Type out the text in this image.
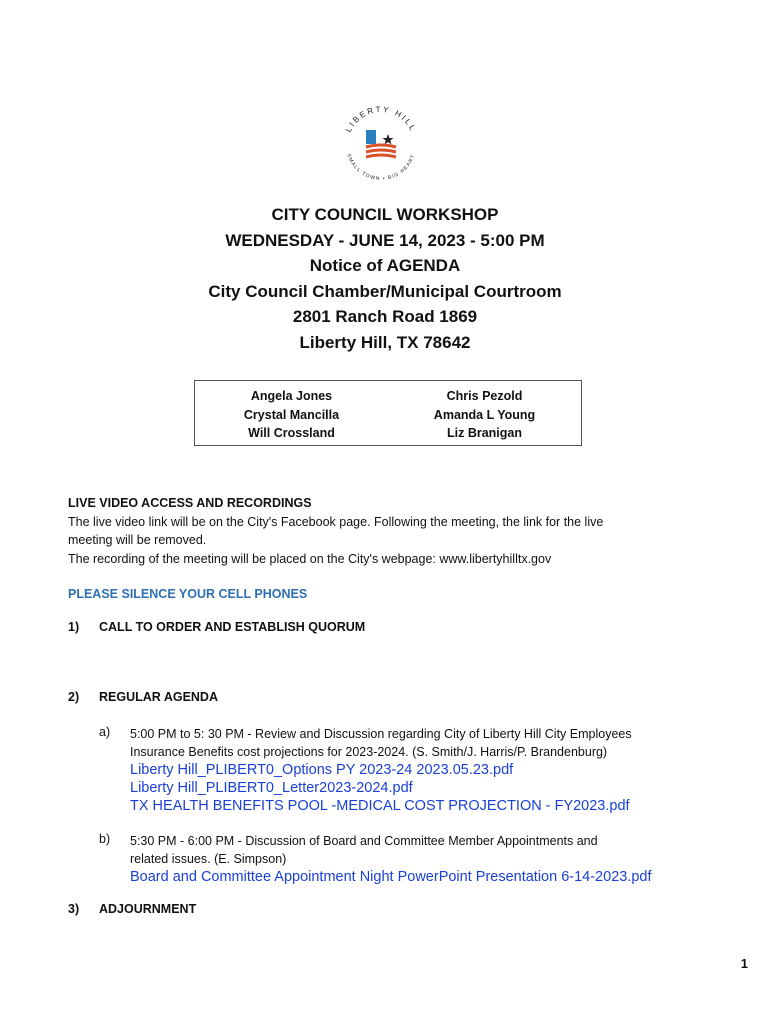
LIBERTY HILL
SMALL TOWN • BIG HEART
CITY COUNCIL WORKSHOP
WEDNESDAY - JUNE 14, 2023 - 5:00 PM
Notice of AGENDA
City Council Chamber/Municipal Courtroom
2801 Ranch Road 1869
Liberty Hill, TX 78642
Angela Jones
Crystal Mancilla
Will Crossland
Chris Pezold
Amanda L Young
Liz Branigan
LIVE VIDEO ACCESS AND RECORDINGS
The live video link will be on the City's Facebook page. Following the meeting, the link for the live
meeting will be removed.
The recording of the meeting will be placed on the City's webpage: www.libertyhilltx.gov
PLEASE SILENCE YOUR CELL PHONES
1) CALL TO ORDER AND ESTABLISH QUORUM
2) REGULAR AGENDA
a) 5:00 PM to 5: 30 PM - Review and Discussion regarding City of Liberty Hill City Employees
Insurance Benefits cost projections for 2023-2024. (S. Smith/J. Harris/P. Brandenburg)
Liberty Hill_PLIBERT0_Options PY 2023-24 2023.05.23.pdf
Liberty Hill_PLIBERT0_Letter2023-2024.pdf
TX HEALTH BENEFITS POOL -MEDICAL COST PROJECTION - FY2023.pdf
b) 5:30 PM - 6:00 PM - Discussion of Board and Committee Member Appointments and
related issues. (E. Simpson)
Board and Committee Appointment Night PowerPoint Presentation 6-14-2023.pdf
3) ADJOURNMENT
1
